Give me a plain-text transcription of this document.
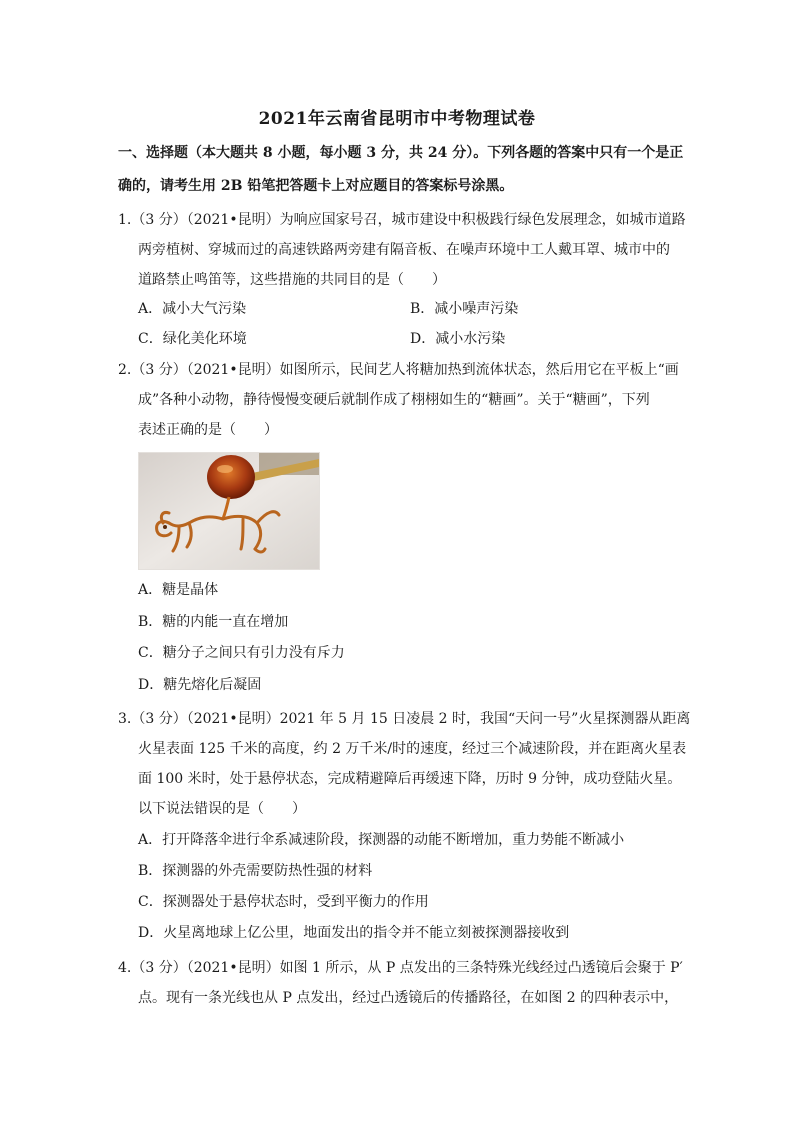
2021年云南省昆明市中考物理试卷
一、选择题（本大题共 8 小题，每小题 3 分，共 24 分）。下列各题的答案中只有一个是正
确的，请考生用 2B 铅笔把答题卡上对应题目的答案标号涂黑。
1.（3 分）（2021•昆明）为响应国家号召，城市建设中积极践行绿色发展理念，如城市道路
两旁植树、穿城而过的高速铁路两旁建有隔音板、在噪声环境中工人戴耳罩、城市中的
道路禁止鸣笛等，这些措施的共同目的是（　　）
A．减小大气污染	B．减小噪声污染
C．绿化美化环境	D．减小水污染
2.（3 分）（2021•昆明）如图所示，民间艺人将糖加热到流体状态，然后用它在平板上“画
成”各种小动物，静待慢慢变硬后就制作成了栩栩如生的“糖画”。关于“糖画”，下列
表述正确的是（　　）
A．糖是晶体
B．糖的内能一直在增加
C．糖分子之间只有引力没有斥力
D．糖先熔化后凝固
3.（3 分）（2021•昆明）2021 年 5 月 15 日凌晨 2 时，我国“天问一号”火星探测器从距离
火星表面 125 千米的高度，约 2 万千米/时的速度，经过三个减速阶段，并在距离火星表
面 100 米时，处于悬停状态，完成精避障后再缓速下降，历时 9 分钟，成功登陆火星。
以下说法错误的是（　　）
A．打开降落伞进行伞系减速阶段，探测器的动能不断增加，重力势能不断减小
B．探测器的外壳需要防热性强的材料
C．探测器处于悬停状态时，受到平衡力的作用
D．火星离地球上亿公里，地面发出的指令并不能立刻被探测器接收到
4.（3 分）（2021•昆明）如图 1 所示，从 P 点发出的三条特殊光线经过凸透镜后会聚于 P′
点。现有一条光线也从 P 点发出，经过凸透镜后的传播路径，在如图 2 的四种表示中，
